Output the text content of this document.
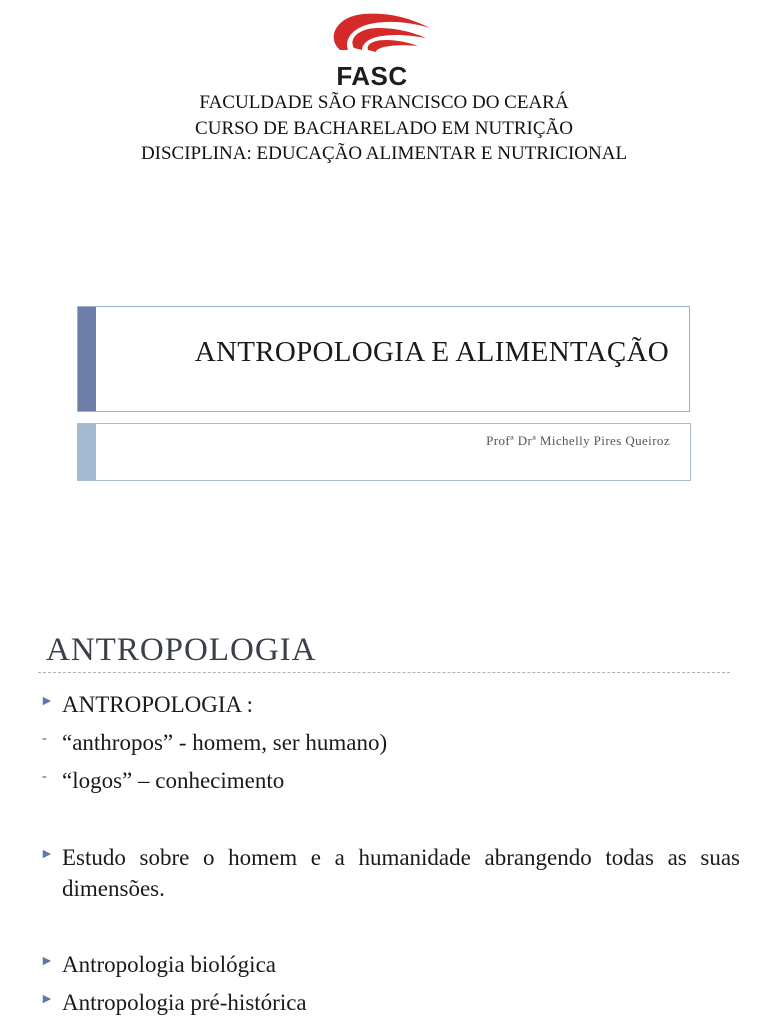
FASC
FACULDADE SÃO FRANCISCO DO CEARÁ
CURSO DE BACHARELADO EM NUTRIÇÃO
DISCIPLINA: EDUCAÇÃO ALIMENTAR E NUTRICIONAL
ANTROPOLOGIA E ALIMENTAÇÃO
Profª Drª Michelly Pires Queiroz
ANTROPOLOGIA
► ANTROPOLOGIA :
- “anthropos” - homem, ser humano)
- “logos” – conhecimento
► Estudo sobre o homem e a humanidade abrangendo todas as suas dimensões.
► Antropologia biológica
► Antropologia pré-histórica
